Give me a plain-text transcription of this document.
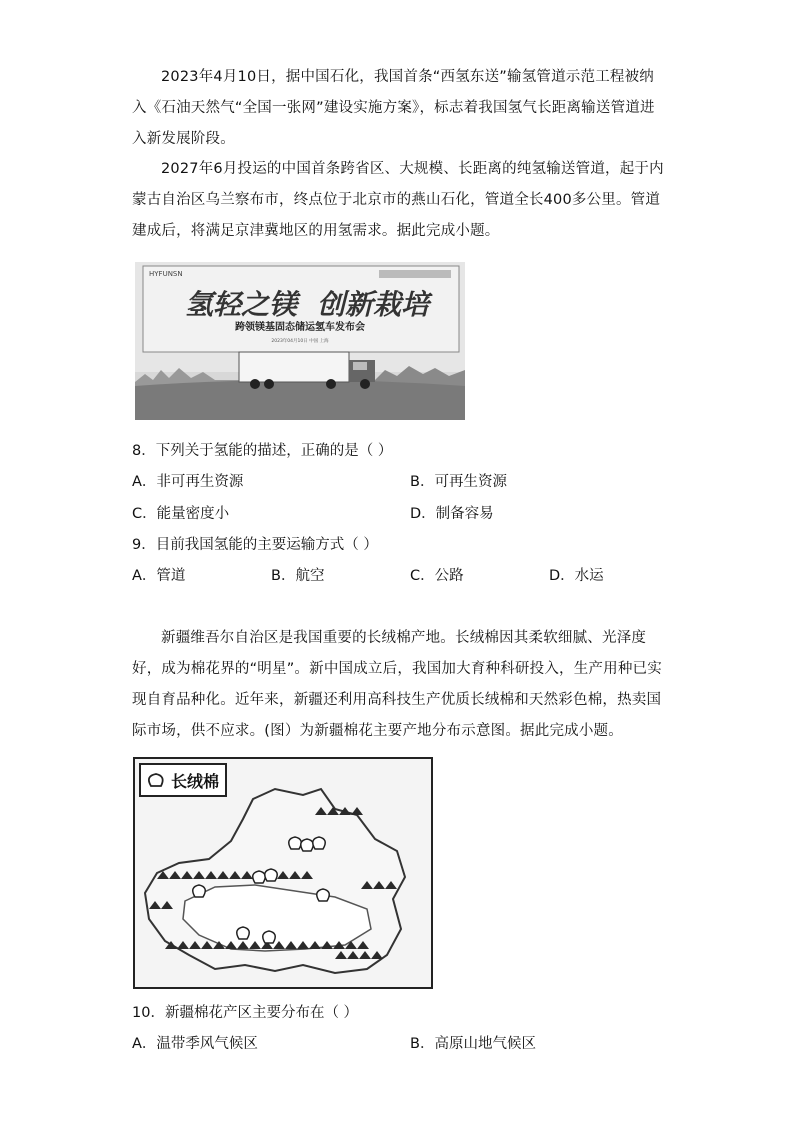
2023年4月10日，据中国石化，我国首条“西氢东送”输氢管道示范工程被纳入《石油天然气“全国一张网”建设实施方案》，标志着我国氢气长距离输送管道进入新发展阶段。

2027年6月投运的中国首条跨省区、大规模、长距离的纯氢输送管道，起于内蒙古自治区乌兰察布市，终点位于北京市的燕山石化，管道全长400多公里。管道建成后，将满足京津冀地区的用氢需求。据此完成小题。

HYFUNSN
氢轻之镁 创新栽培
跨领镁基固态储运氢车发布会
2023年04月10日 中国 上海

8．下列关于氢能的描述，正确的是（ ）

A．非可再生资源	B．可再生资源

C．能量密度小	D．制备容易

9．目前我国氢能的主要运输方式（ ）

A．管道	B．航空	C．公路	D．水运

新疆维吾尔自治区是我国重要的长绒棉产地。长绒棉因其柔软细腻、光泽度好，成为棉花界的“明星”。新中国成立后，我国加大育种科研投入，生产用种已实现自育品种化。近年来，新疆还利用高科技生产优质长绒棉和天然彩色棉，热卖国际市场，供不应求。(图）为新疆棉花主要产地分布示意图。据此完成小题。

长绒棉

10．新疆棉花产区主要分布在（ ）

A．温带季风气候区	B．高原山地气候区
